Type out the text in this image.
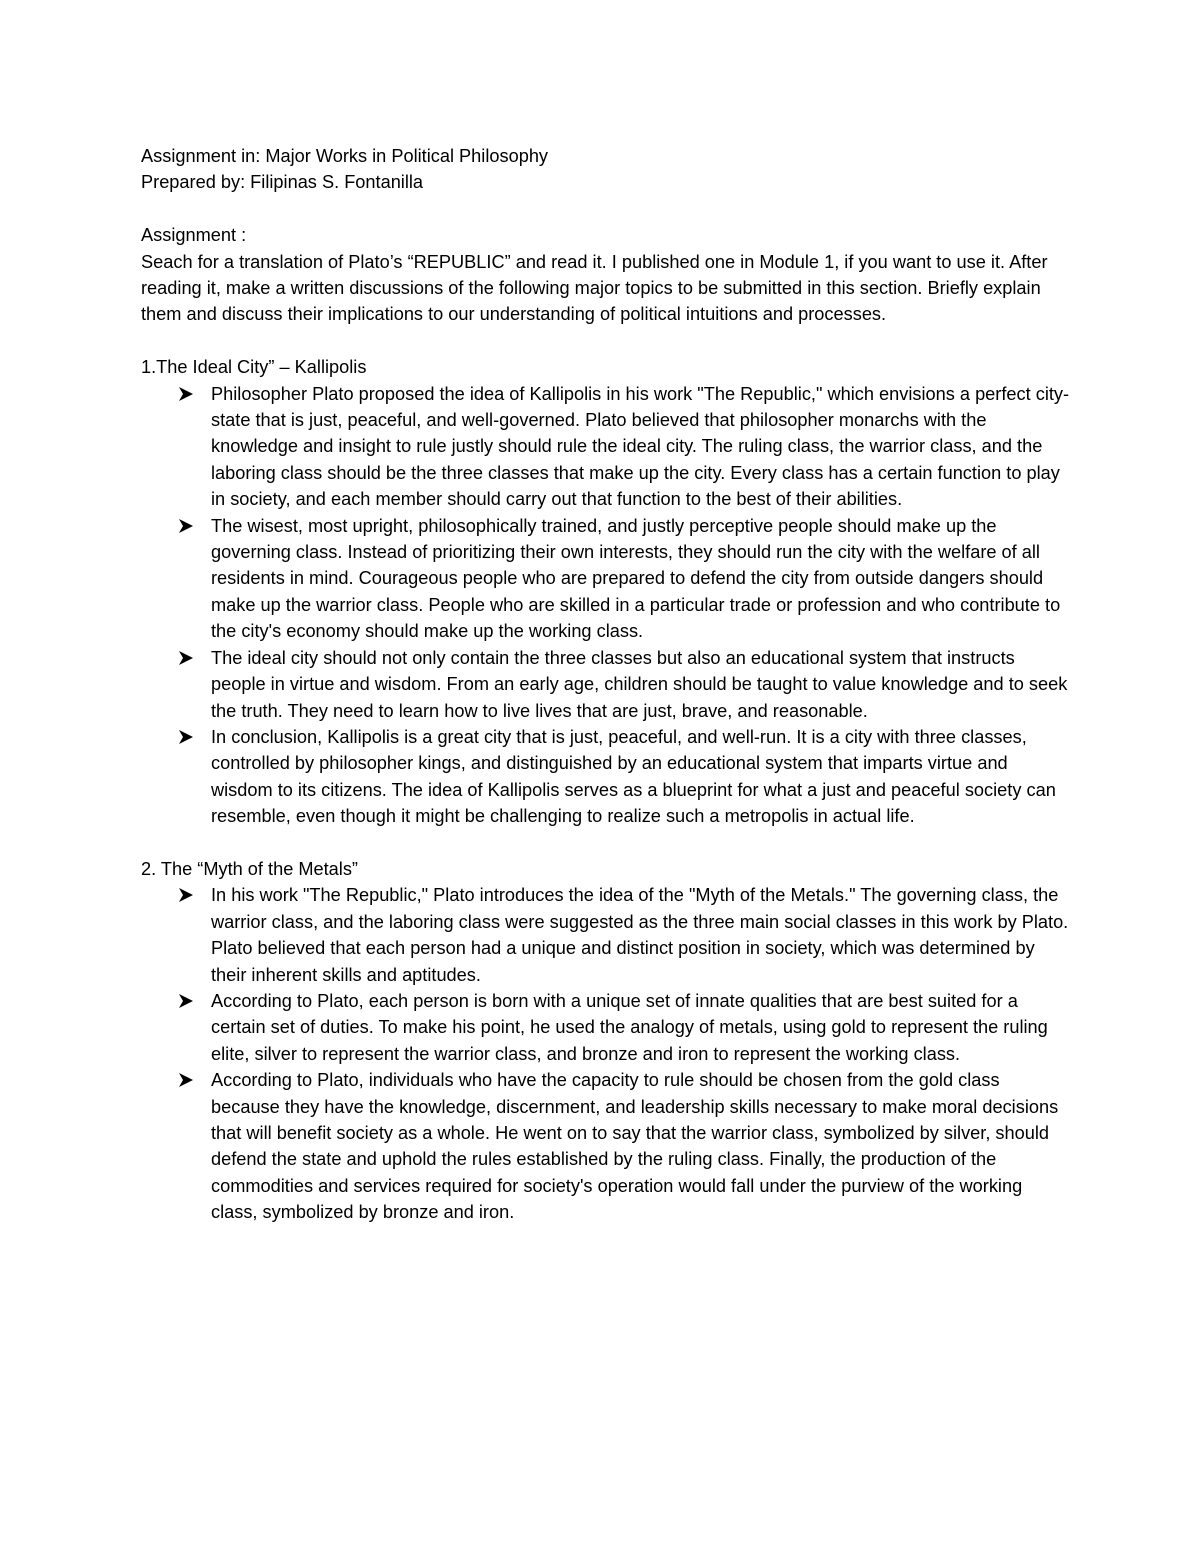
Assignment in: Major Works in Political Philosophy

Prepared by: Filipinas S. Fontanilla

Assignment :

Seach for a translation of Plato’s “REPUBLIC” and read it. I published one in Module 1, if you want to use it. After reading it, make a written discussions of the following major topics to be submitted in this section. Briefly explain them and discuss their implications to our understanding of political intuitions and processes.

1.The Ideal City” – Kallipolis

Philosopher Plato proposed the idea of Kallipolis in his work "The Republic," which envisions a perfect city-state that is just, peaceful, and well-governed. Plato believed that philosopher monarchs with the knowledge and insight to rule justly should rule the ideal city. The ruling class, the warrior class, and the laboring class should be the three classes that make up the city. Every class has a certain function to play in society, and each member should carry out that function to the best of their abilities.
The wisest, most upright, philosophically trained, and justly perceptive people should make up the governing class. Instead of prioritizing their own interests, they should run the city with the welfare of all residents in mind. Courageous people who are prepared to defend the city from outside dangers should make up the warrior class. People who are skilled in a particular trade or profession and who contribute to the city's economy should make up the working class.
The ideal city should not only contain the three classes but also an educational system that instructs people in virtue and wisdom. From an early age, children should be taught to value knowledge and to seek the truth. They need to learn how to live lives that are just, brave, and reasonable.
In conclusion, Kallipolis is a great city that is just, peaceful, and well-run. It is a city with three classes, controlled by philosopher kings, and distinguished by an educational system that imparts virtue and wisdom to its citizens. The idea of Kallipolis serves as a blueprint for what a just and peaceful society can resemble, even though it might be challenging to realize such a metropolis in actual life.

2. The “Myth of the Metals”

In his work "The Republic," Plato introduces the idea of the "Myth of the Metals." The governing class, the warrior class, and the laboring class were suggested as the three main social classes in this work by Plato. Plato believed that each person had a unique and distinct position in society, which was determined by their inherent skills and aptitudes.
According to Plato, each person is born with a unique set of innate qualities that are best suited for a certain set of duties. To make his point, he used the analogy of metals, using gold to represent the ruling elite, silver to represent the warrior class, and bronze and iron to represent the working class.
According to Plato, individuals who have the capacity to rule should be chosen from the gold class because they have the knowledge, discernment, and leadership skills necessary to make moral decisions that will benefit society as a whole. He went on to say that the warrior class, symbolized by silver, should defend the state and uphold the rules established by the ruling class. Finally, the production of the commodities and services required for society's operation would fall under the purview of the working class, symbolized by bronze and iron.
